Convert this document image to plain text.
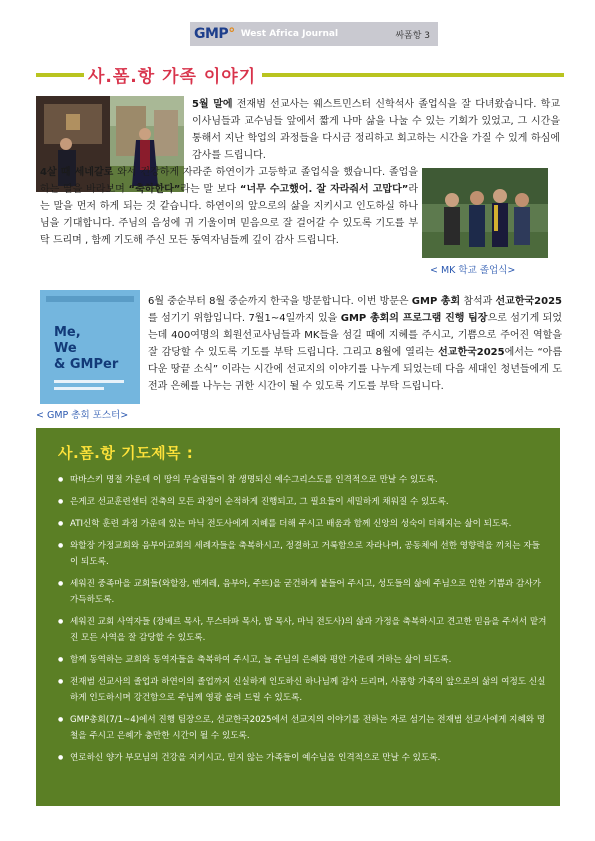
GMP° West Africa Journal	싸폼항 3
사.폼.항 가족 이야기

5월 말에 전재범 선교사는 웨스트민스터 신학석사 졸업식을 잘 다녀왔습니다. 학교 이사님들과 교수님들 앞에서 짧게 나마 삶을 나눌 수 있는 기회가 있었고, 그 시간을 통해서 지난 학업의 과정들을 다시금 정리하고 회고하는 시간을 가질 수 있게 하심에 감사를 드립니다.

4살 때 세네갈로 와서 건강하게 자라준 하연이가 고등학교 졸업식을 했습니다. 졸업을 하는 딸을 바라보며 “축하한다”라는 말 보다 “너무 수고했어. 잘 자라줘서 고맙다”라는 말을 먼저 하게 되는 것 같습니다. 하연이의 앞으로의 삶을 지키시고 인도하실 하나님을 기대합니다. 주님의 음성에 귀 기울이며 믿음으로 잘 걸어갈 수 있도록 기도를 부탁 드리며 , 함께 기도해 주신 모든 동역자님들께 깊이 감사 드립니다.

< MK 학교 졸업식>
Me,
We
& GMPer
< GMP 총회 포스터>

6월 중순부터 8월 중순까지 한국을 방문합니다. 이번 방문은 GMP 총회 참석과 선교한국2025를 섬기기 위함입니다. 7월1~4일까지 있을 GMP 총회의 프로그램 진행 팀장으로 섬기게 되었는데 400여명의 회원선교사님들과 MK들을 섬길 때에 지혜를 주시고, 기쁨으로 주어진 역할을 잘 감당할 수 있도록 기도를 부탁 드립니다. 그리고 8월에 열리는 선교한국2025에서는 “아름다운 땅끝 소식” 이라는 시간에 선교지의 이야기를 나누게 되었는데 다음 세대인 청년들에게 도전과 은혜를 나누는 귀한 시간이 될 수 있도록 기도를 부탁 드립니다.

사.폼.항 기도제목 :
● 따바스키 명절 가운데 이 땅의 무슬림들이 참 생명되신 예수그리스도를 인격적으로 만날 수 있도록.
● 은게코 선교훈련센터 건축의 모든 과정이 순적하게 진행되고, 그 필요들이 세밀하게 채워질 수 있도록.
● ATI신학 훈련 과정 가운데 있는 마닉 전도사에게 지혜를 더해 주시고 배움과 함께 신앙의 성숙이 더해지는 삶이 되도록.
● 와할장 가정교회와 음부아교회의 세례자들을 축복하시고, 정결하고 거룩함으로 자라나며, 공동체에 선한 영향력을 끼치는 자들이 되도록.
● 세워진 중족마을 교회들(와할장, 벤게레, 음부아, 주뜨)을 굳건하게 붙들어 주시고, 성도들의 삶에 주님으로 인한 기쁨과 감사가 가득하도록.
● 세워진 교회 사역자들 (장베르 목사, 무스타파 목사, 밥 목사, 마닉 전도사)의 삶과 가정을 축복하시고 견고한 믿음을 주셔서 맡겨진 모든 사역을 잘 감당할 수 있도록.
● 함께 동역하는 교회와 동역자들을 축복하여 주시고, 늘 주님의 은혜와 평안 가운데 거하는 삶이 되도록.
● 전재범 선교사의 졸업과 하연이의 졸업까지 신실하게 인도하신 하나님께 감사 드리며, 사폼항 가족의 앞으로의 삶의 여정도 신실하게 인도하시며 강건함으로 주님께 영광 올려 드릴 수 있도록.
● GMP총회(7/1~4)에서 진행 팀장으로, 선교한국2025에서 선교지의 이야기를 전하는 자로 섬기는 전재범 선교사에게 지혜와 명철을 주시고 은혜가 충만한 시간이 될 수 있도록.
● 연로하신 양가 부모님의 건강을 지키시고, 믿지 않는 가족들이 예수님을 인격적으로 만날 수 있도록.
